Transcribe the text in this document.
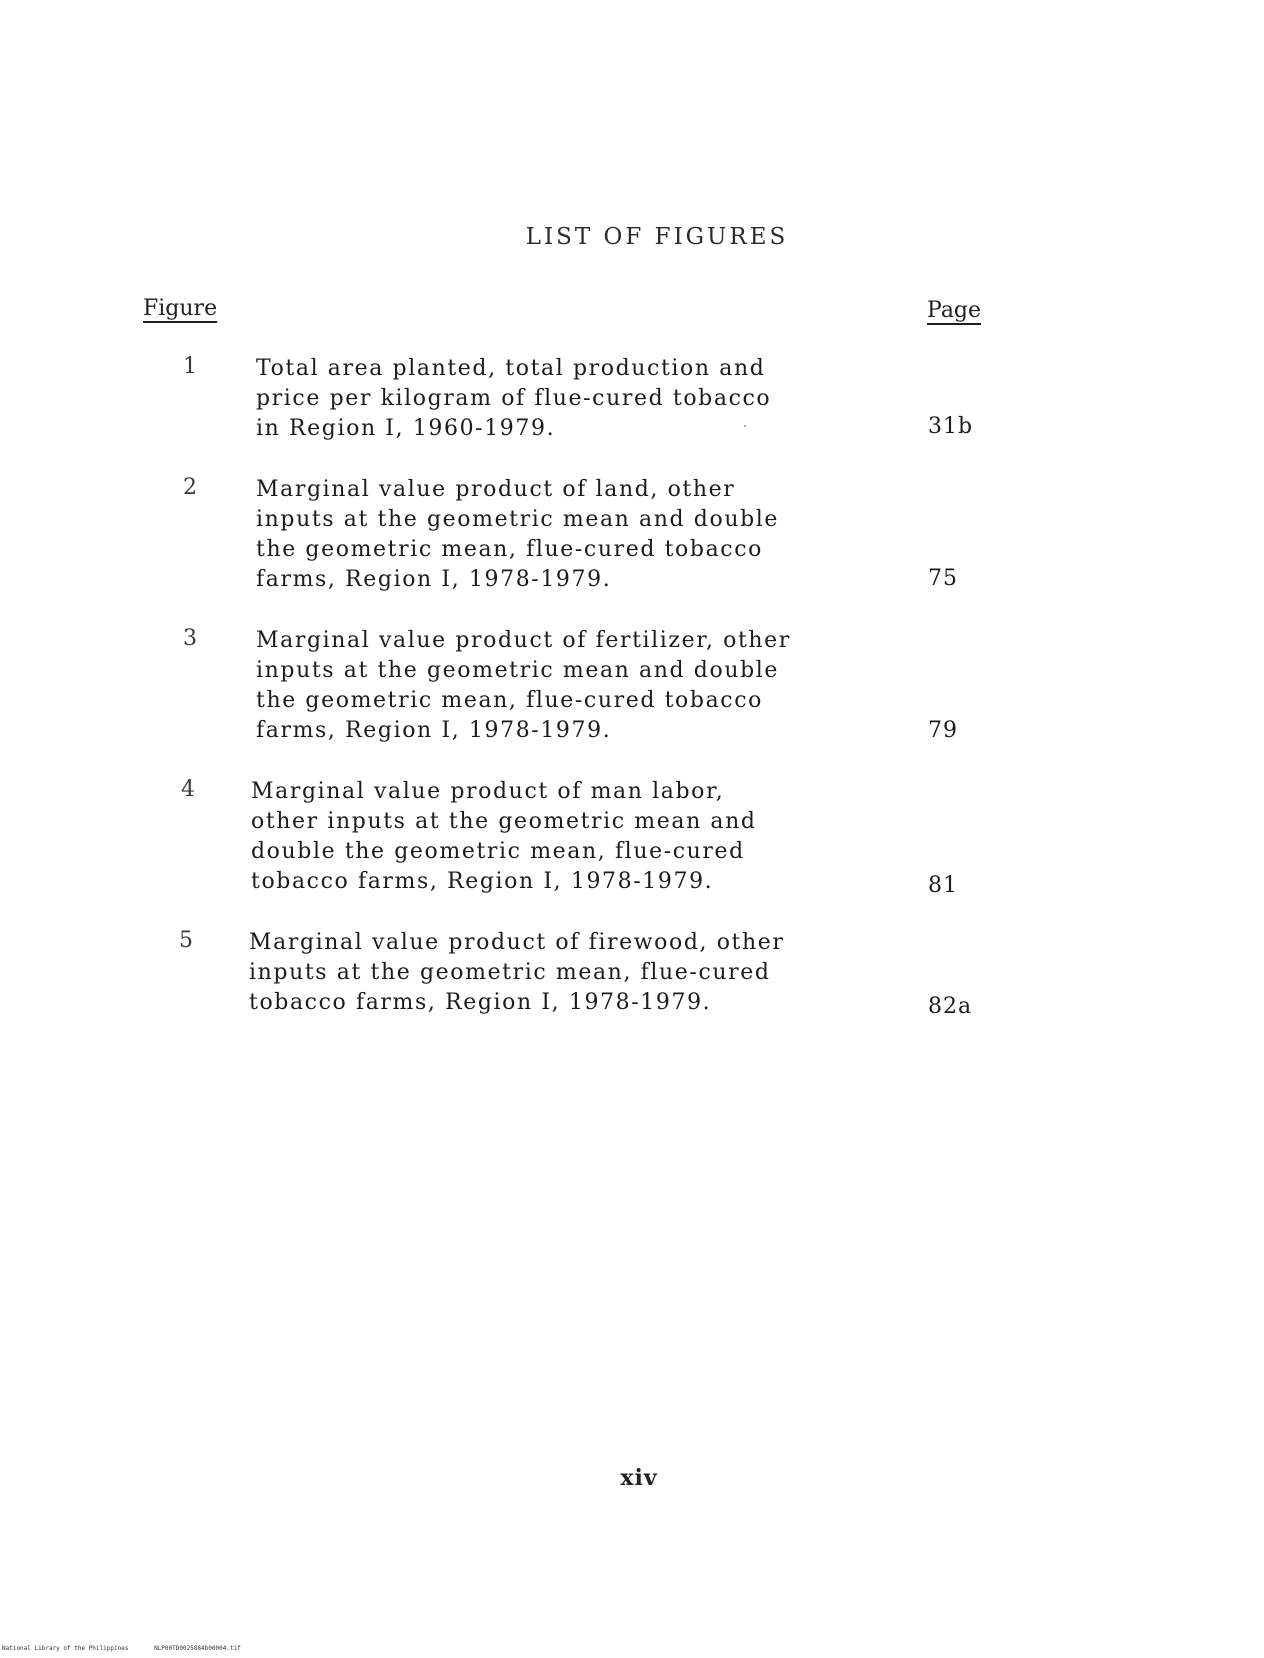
LIST OF FIGURES
Figure	Page
1	Total area planted, total production and
price per kilogram of flue-cured tobacco
in Region I, 1960-1979.	31b
2	Marginal value product of land, other
inputs at the geometric mean and double
the geometric mean, flue-cured tobacco
farms, Region I, 1978-1979.	75
3	Marginal value product of fertilizer, other
inputs at the geometric mean and double
the geometric mean, flue-cured tobacco
farms, Region I, 1978-1979.	79
4	Marginal value product of man labor,
other inputs at the geometric mean and
double the geometric mean, flue-cured
tobacco farms, Region I, 1978-1979.	81
5	Marginal value product of firewood, other
inputs at the geometric mean, flue-cured
tobacco farms, Region I, 1978-1979.	82a
xiv
National Library of the Philippines	NLP00TD0025884b00004.tif
